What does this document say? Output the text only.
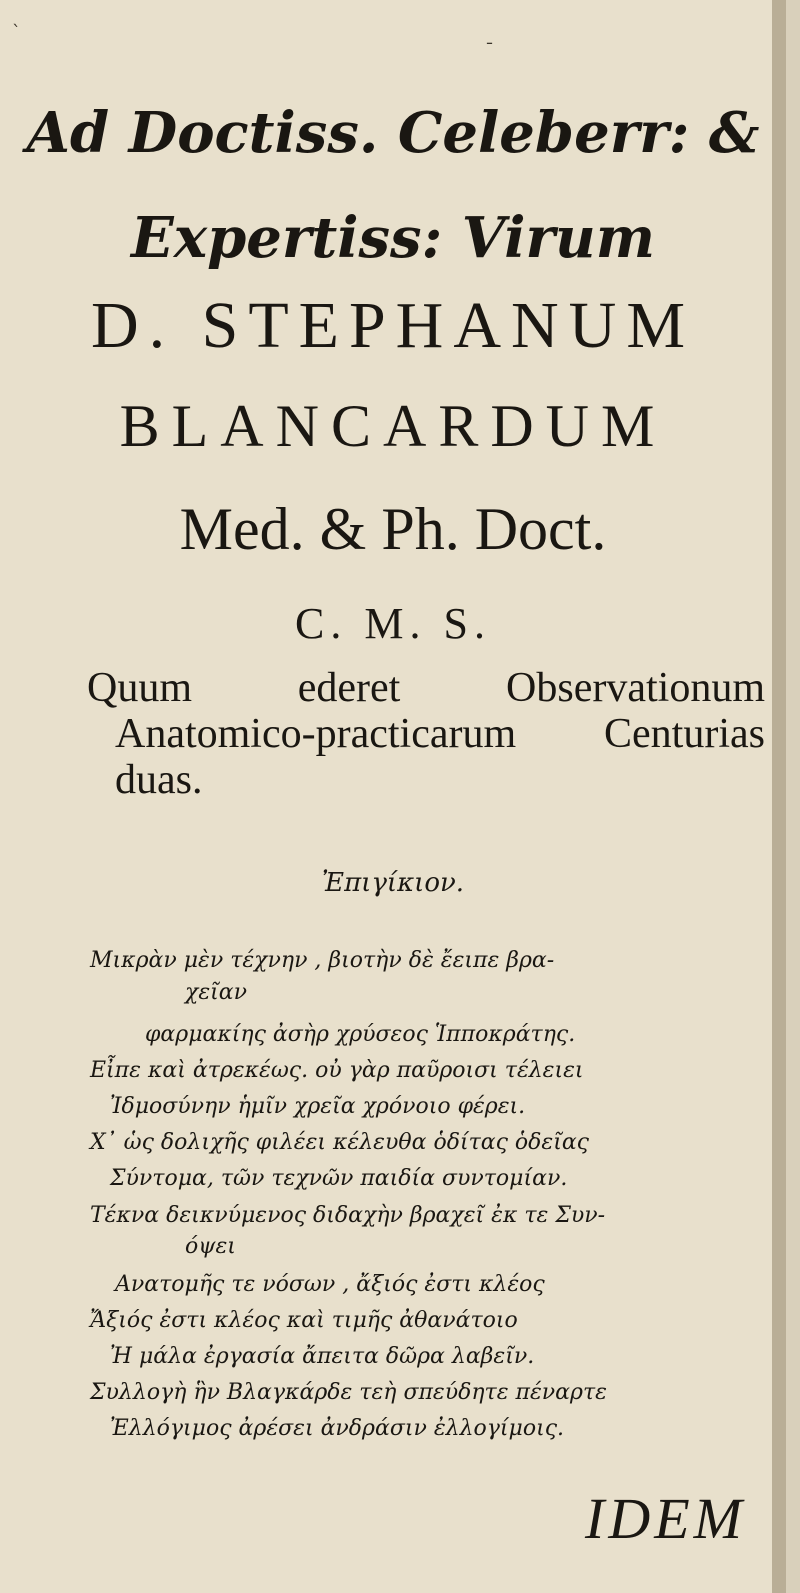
ˋ
ˉ
Ad Doctiss. Celeberr: &
Expertiss: Virum
D. STEPHANUM
BLANCARDUM
Med. & Ph. Doct.
C. M. S.
Quum ederet Observationum Anatomico-practicarum Centurias duas.
Ἐπιγίκιον.
Μικρὰν μὲν τέχνην , βιοτὴν δὲ ἔειπε βρα-
χεῖαν
φαρμακίης ἀσὴρ χρύσεος Ἱπποκράτης.
Εἶπε καὶ ἀτρεκέως. οὐ γὰρ παῦροισι τέλειει
Ἰδμοσύνην ἡμῖν χρεῖα χρόνοιο φέρει.
Χ᾽ ὡς δολιχῆς φιλέει κέλευθα ὁδίτας ὁδεῖας
Σύντομα, τῶν τεχνῶν παιδία συντομίαν.
Τέκνα δεικνύμενος διδαχὴν βραχεῖ ἐκ τε Συν-
όψει
Ανατομῆς τε νόσων , ἄξιός ἐστι κλέος
Ἄξιός ἐστι κλέος καὶ τιμῆς ἀθανάτοιο
Ἠ μάλα ἐργασία ἄπειτα δῶρα λαβεῖν.
Συλλογὴ ἣν Βλαγκάρδε τεὴ σπεύδητε πέναρτε
Ἐλλόγιμος ἀρέσει ἀνδράσιν ἐλλογίμοις.
IDEM
